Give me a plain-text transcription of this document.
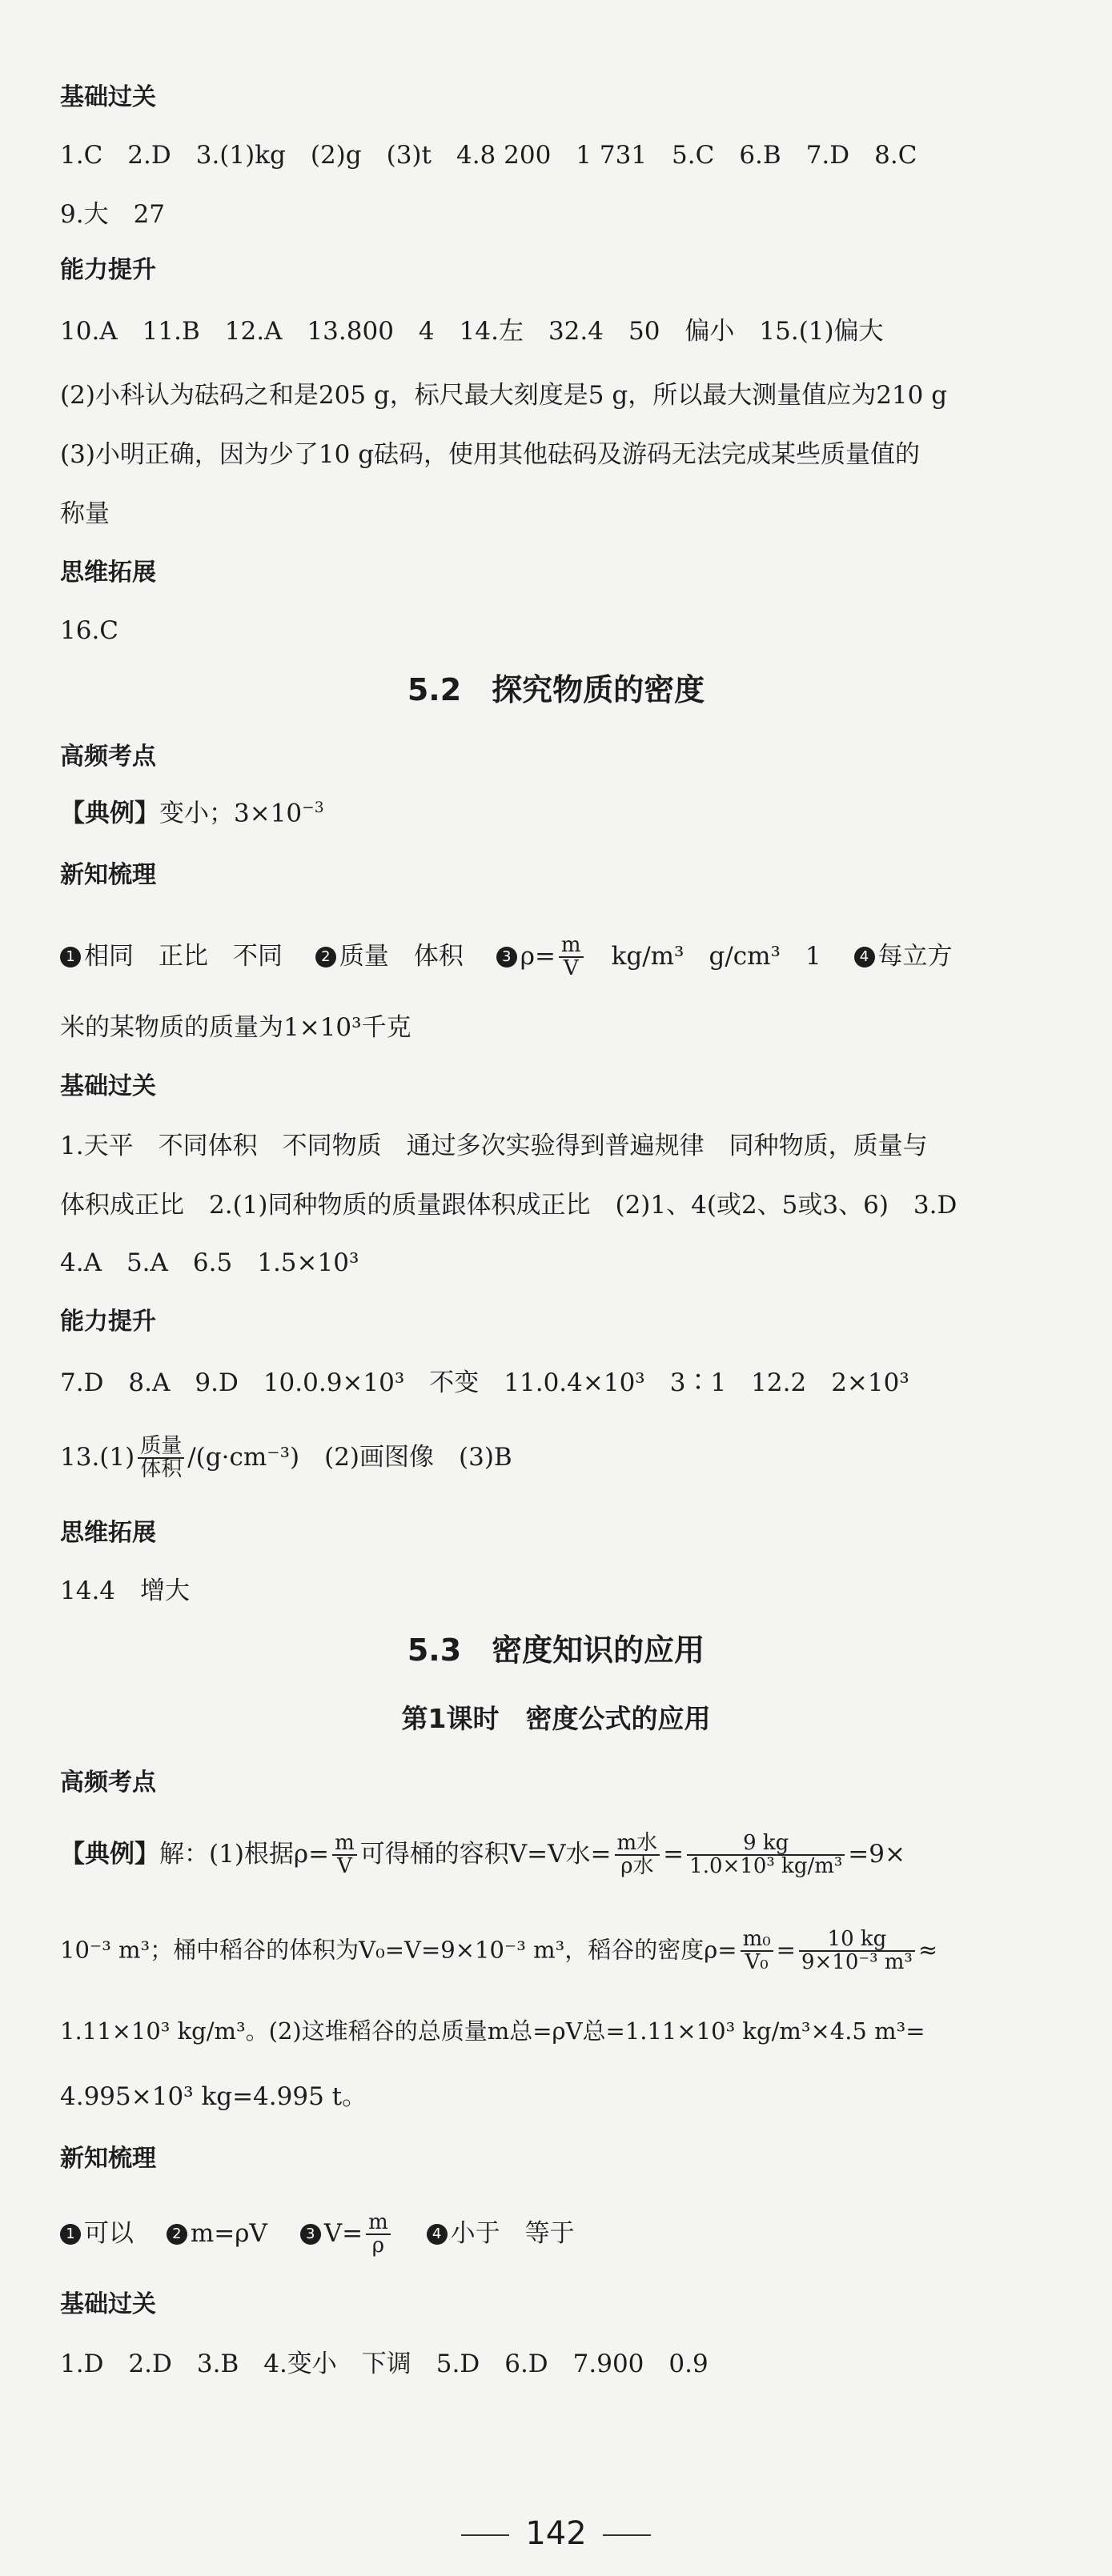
基础过关
1.C　2.D　3.(1)kg　(2)g　(3)t　4.8 200　1 731　5.C　6.B　7.D　8.C
9.大　27
能力提升
10.A　11.B　12.A　13.800　4　14.左　32.4　50　偏小　15.(1)偏大
(2)小科认为砝码之和是205 g，标尺最大刻度是5 g，所以最大测量值应为210 g
(3)小明正确，因为少了10 g砝码，使用其他砝码及游码无法完成某些质量值的
称量
思维拓展
16.C
5.2　探究物质的密度
高频考点
【典例】变小；$3\times 10^{-3}$
新知梳理
1 相同　正比　不同　	2 质量　体积　	3 $\rho= \frac{m}{V}$
　 kg/m³　g/cm³　1　	4 每立方
米的某物质的质量为1×10³千克
基础过关
1.天平　不同体积　不同物质　通过多次实验得到普遍规律　同种物质，质量与
体积成正比　2.(1)同种物质的质量跟体积成正比　(2)1、4(或2、5或3、6)　3.D
4.A　5.A　6.5　1.5×10³
能力提升
7.D　8.A　9.D　10.0.9×10³　不变　11.0.4×10³　3∶1　12.2　2×10³
$13.(1) \frac{\text{质量}}{\text{体积}} /(g\cdot cm^{-3})$　(2)画图像　(3)B
思维拓展
14.4　增大
5.3　密度知识的应用
第1课时　密度公式的应用
高频考点
【典例】解：(1)根据$\rho= \frac{m}{V}$ 可得桶的容积V=V水= $\frac{\text{m水}}{\text{ρ水}} = \frac{9 kg}{\text{1.0×10³ kg/m³}} =9\times$
10⁻³ m³；桶中稻谷的体积为V₀=V=9×10⁻³ m³，稻谷的密度$\rho= \frac{\text{m₀}}{\text{V₀}} = \frac{10 kg}{\text{9×10⁻³ m³}}$ ≈
1.11×10³ kg/m³。(2)这堆稻谷的总质量m总=ρV总=1.11×10³ kg/m³×4.5 m³=
4.995×10³ kg=4.995 t。
新知梳理
1 可以　	2 m=ρV　	3 $V= \frac{m}{\rho}$
　	4 小于　等于
基础过关
1.D　2.D　3.B　4.变小　下调　5.D　6.D　7.900　0.9
142
